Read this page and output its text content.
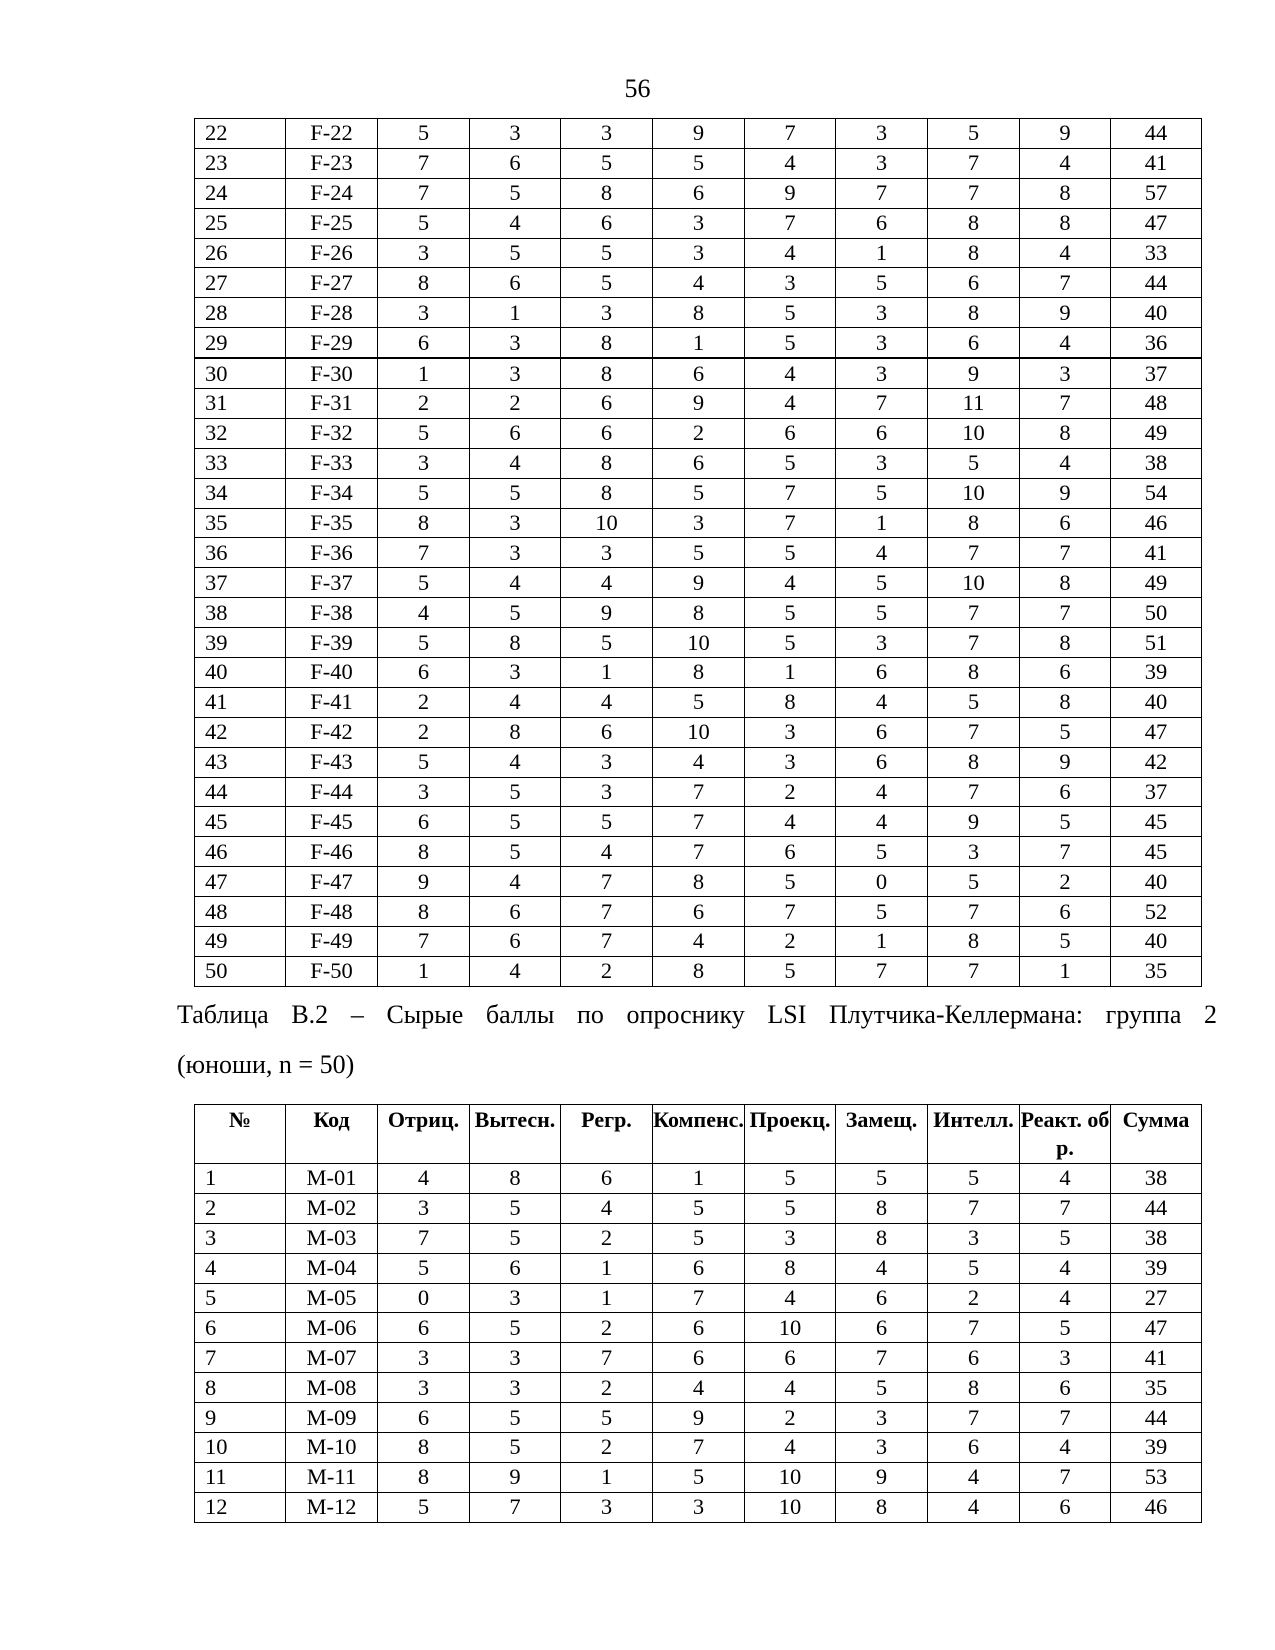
56
22	F-22	5	3	3	9	7	3	5	9	44
23	F-23	7	6	5	5	4	3	7	4	41
24	F-24	7	5	8	6	9	7	7	8	57
25	F-25	5	4	6	3	7	6	8	8	47
26	F-26	3	5	5	3	4	1	8	4	33
27	F-27	8	6	5	4	3	5	6	7	44
28	F-28	3	1	3	8	5	3	8	9	40
29	F-29	6	3	8	1	5	3	6	4	36
30	F-30	1	3	8	6	4	3	9	3	37
31	F-31	2	2	6	9	4	7	11	7	48
32	F-32	5	6	6	2	6	6	10	8	49
33	F-33	3	4	8	6	5	3	5	4	38
34	F-34	5	5	8	5	7	5	10	9	54
35	F-35	8	3	10	3	7	1	8	6	46
36	F-36	7	3	3	5	5	4	7	7	41
37	F-37	5	4	4	9	4	5	10	8	49
38	F-38	4	5	9	8	5	5	7	7	50
39	F-39	5	8	5	10	5	3	7	8	51
40	F-40	6	3	1	8	1	6	8	6	39
41	F-41	2	4	4	5	8	4	5	8	40
42	F-42	2	8	6	10	3	6	7	5	47
43	F-43	5	4	3	4	3	6	8	9	42
44	F-44	3	5	3	7	2	4	7	6	37
45	F-45	6	5	5	7	4	4	9	5	45
46	F-46	8	5	4	7	6	5	3	7	45
47	F-47	9	4	7	8	5	0	5	2	40
48	F-48	8	6	7	6	7	5	7	6	52
49	F-49	7	6	7	4	2	1	8	5	40
50	F-50	1	4	2	8	5	7	7	1	35
Таблица В.2 – Сырые баллы по опроснику LSI Плутчика-Келлермана: группа 2
(юноши, n = 50)
№	Код	Отриц.	Вытесн.	Регр.	Компенс.	Проекц.	Замещ.	Интелл.	Реакт. обр.	Сумма
1	M-01	4	8	6	1	5	5	5	4	38
2	M-02	3	5	4	5	5	8	7	7	44
3	M-03	7	5	2	5	3	8	3	5	38
4	M-04	5	6	1	6	8	4	5	4	39
5	M-05	0	3	1	7	4	6	2	4	27
6	M-06	6	5	2	6	10	6	7	5	47
7	M-07	3	3	7	6	6	7	6	3	41
8	M-08	3	3	2	4	4	5	8	6	35
9	M-09	6	5	5	9	2	3	7	7	44
10	M-10	8	5	2	7	4	3	6	4	39
11	M-11	8	9	1	5	10	9	4	7	53
12	M-12	5	7	3	3	10	8	4	6	46
